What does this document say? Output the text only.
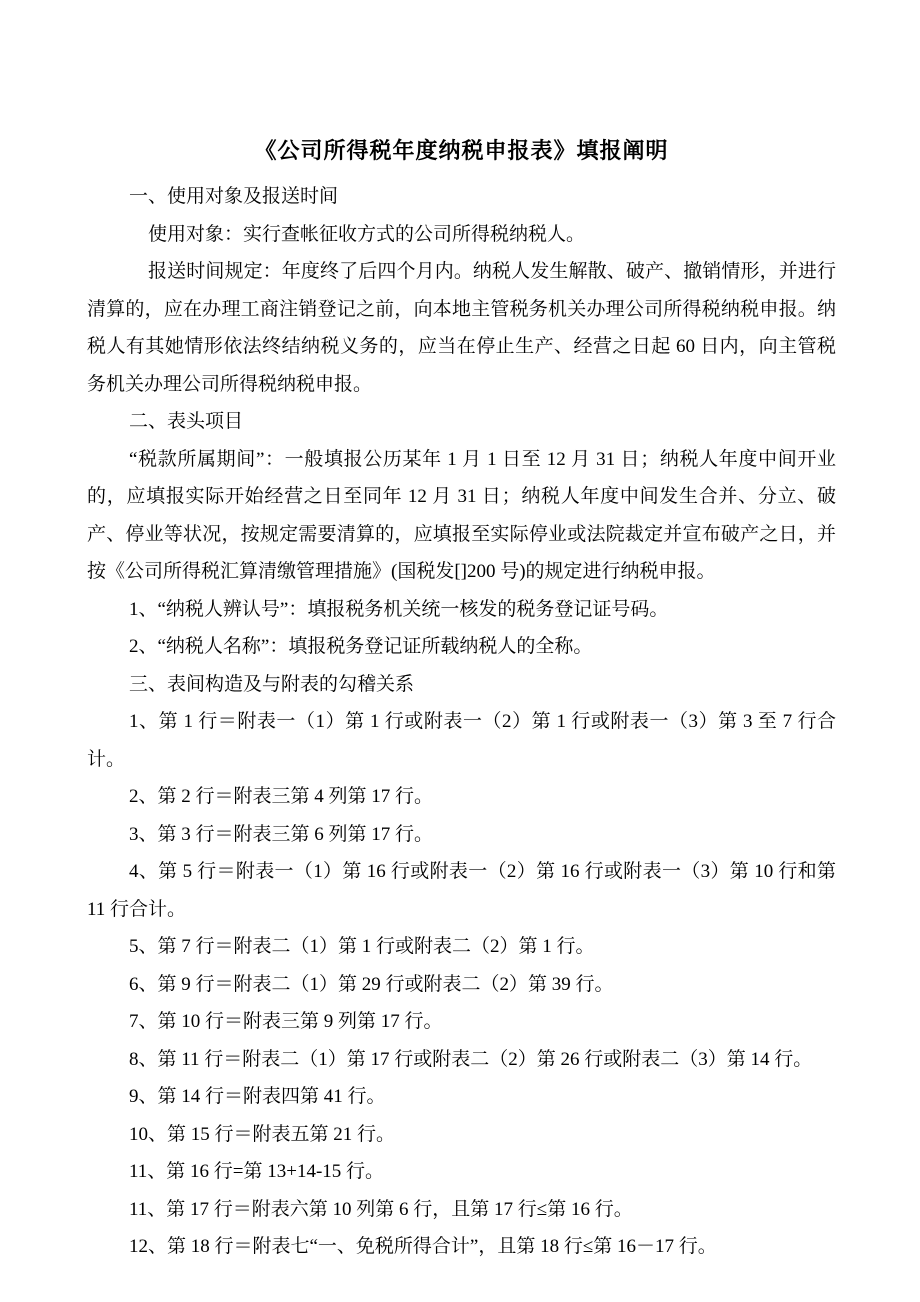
《公司所得税年度纳税申报表》填报阐明

一、使用对象及报送时间

使用对象：实行查帐征收方式的公司所得税纳税人。

报送时间规定：年度终了后四个月内。纳税人发生解散、破产、撤销情形，并进行清算的，应在办理工商注销登记之前，向本地主管税务机关办理公司所得税纳税申报。纳税人有其她情形依法终结纳税义务的，应当在停止生产、经营之日起 60 日内，向主管税务机关办理公司所得税纳税申报。

二、表头项目

“税款所属期间”：一般填报公历某年 1 月 1 日至 12 月 31 日；纳税人年度中间开业的，应填报实际开始经营之日至同年 12 月 31 日；纳税人年度中间发生合并、分立、破产、停业等状况，按规定需要清算的，应填报至实际停业或法院裁定并宣布破产之日，并按《公司所得税汇算清缴管理措施》(国税发[]200 号)的规定进行纳税申报。

1、“纳税人辨认号”：填报税务机关统一核发的税务登记证号码。

2、“纳税人名称”：填报税务登记证所载纳税人的全称。

三、表间构造及与附表的勾稽关系

1、第 1 行＝附表一（1）第 1 行或附表一（2）第 1 行或附表一（3）第 3 至 7 行合计。

2、第 2 行＝附表三第 4 列第 17 行。

3、第 3 行＝附表三第 6 列第 17 行。

4、第 5 行＝附表一（1）第 16 行或附表一（2）第 16 行或附表一（3）第 10 行和第 11 行合计。

5、第 7 行＝附表二（1）第 1 行或附表二（2）第 1 行。

6、第 9 行＝附表二（1）第 29 行或附表二（2）第 39 行。

7、第 10 行＝附表三第 9 列第 17 行。

8、第 11 行＝附表二（1）第 17 行或附表二（2）第 26 行或附表二（3）第 14 行。

9、第 14 行＝附表四第 41 行。

10、第 15 行＝附表五第 21 行。

11、第 16 行=第 13+14-15 行。

11、第 17 行＝附表六第 10 列第 6 行，且第 17 行≤第 16 行。

12、第 18 行＝附表七“一、免税所得合计”，且第 18 行≤第 16－17 行。
